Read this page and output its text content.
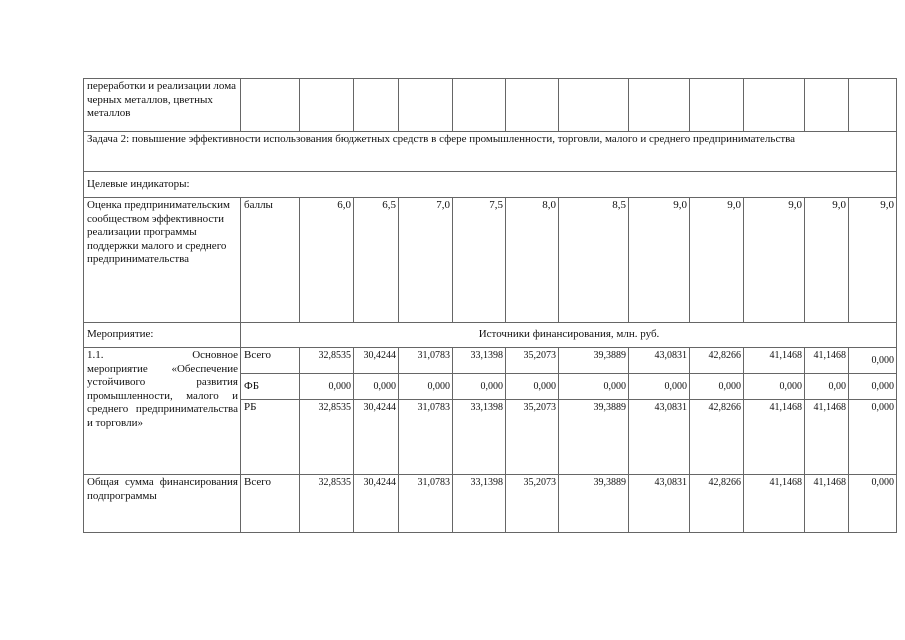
переработки и реализации лома черных металлов, цветных металлов												
Задача 2: повышение эффективности использования бюджетных средств в сфере промышленности, торговли, малого и среднего предпринимательства												
Целевые индикаторы:												
Оценка предпринимательским сообществом эффективности реализации программы поддержки малого и среднего предпринимательства	баллы	6,0	6,5	7,0	7,5	8,0	8,5	9,0	9,0	9,0	9,0	9,0
Мероприятие:	Источники финансирования, млн. руб.											

1.1. Основное
мероприятие «Обеспечение устойчивого развития промышленности, малого и среднего предпринимательства и торговли»	Всего	32,8535	30,4244	31,0783	33,1398	35,2073	39,3889	43,0831	42,8266	41,1468	41,1468	0,000
	ФБ	0,000	0,000	0,000	0,000	0,000	0,000	0,000	0,000	0,000	0,00	0,000
	РБ	32,8535	30,4244	31,0783	33,1398	35,2073	39,3889	43,0831	42,8266	41,1468	41,1468	0,000
Общая сумма финансирования подпрограммы	Всего	32,8535	30,4244	31,0783	33,1398	35,2073	39,3889	43,0831	42,8266	41,1468	41,1468	0,000
